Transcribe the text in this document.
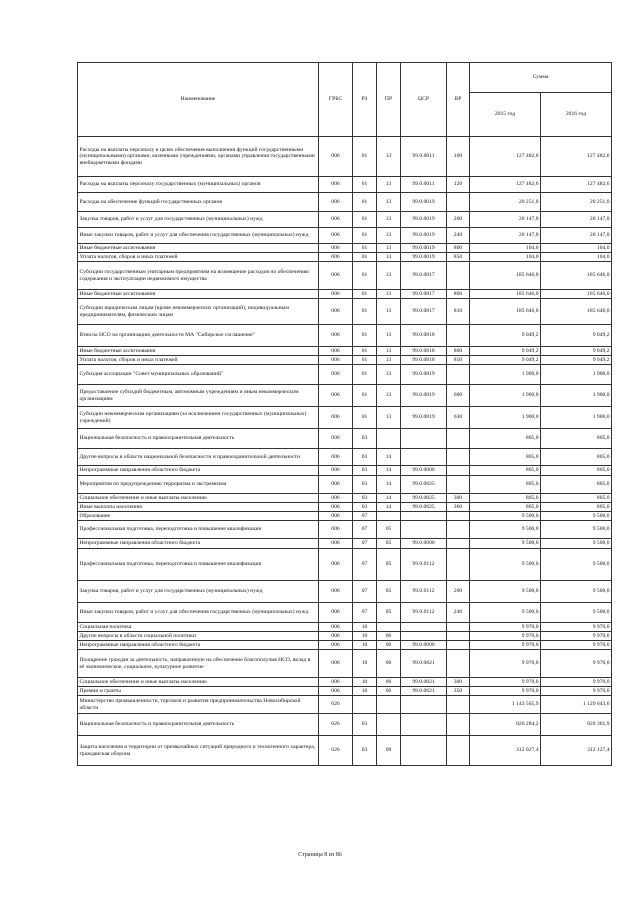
Наименование	ГРБС	РЗ	ПР	ЦСР	ВР	Сумма	
						2015 год	2016 год
Расходы на выплаты персоналу в целях обеспечения выполнения функций государственными (муниципальными) органами, казенными учреждениями, органами управления государственными внебюджетными фондами	006	01	13	99.0.0011	100	127 482,6	127 482,6
Расходы на выплаты персоналу государственных (муниципальных) органов	006	01	13	99.0.0011	120	127 482,6	127 482,6
Расходы на обеспечение функций государственных органов	006	01	13	99.0.0019		20 251,0	20 251,0
Закупка товаров, работ и услуг для государственных (муниципальных) нужд	006	01	13	99.0.0019	200	20 147,0	20 147,0
Иные закупки товаров, работ и услуг для обеспечения государственных (муниципальных) нужд	006	01	13	99.0.0019	240	20 147,0	20 147,0
Иные бюджетные ассигнования	006	01	13	99.0.0019	800	104,0	104,0
Уплата налогов, сборов и иных платежей	006	01	13	99.0.0019	850	104,0	104,0
Субсидии государственным унитарным предприятиям на возмещение расходов по обеспечению содержания и эксплуатации недвижимого имущества	006	01	13	99.0.0817		185 646,0	185 646,0
Иные бюджетные ассигнования	006	01	13	99.0.0817	800	185 646,0	185 646,0
Субсидии юридическим лицам (кроме некоммерческих организаций), индивидуальным предпринимателям, физическим лицам	006	01	13	99.0.0817	810	185 646,0	185 646,0
Взносы НСО на организацию деятельности МА "Сибирское соглашение"	006	01	13	99.0.0818		9 049,2	9 049,2
Иные бюджетные ассигнования	006	01	13	99.0.0818	800	9 049,2	9 049,2
Уплата налогов, сборов и иных платежей	006	01	13	99.0.0818	850	9 049,2	9 049,2
Субсидия ассоциации "Совет муниципальных образований"	006	01	13	99.0.0819		1 900,0	1 900,0
Предоставление субсидий бюджетным, автономным учреждениям и иным некоммерческим организациям	006	01	13	99.0.0819	600	1 900,0	1 900,0
Субсидии некоммерческим организациям (за исключением государственных (муниципальных) учреждений)	006	01	13	99.0.0819	630	1 900,0	1 900,0
Национальная безопасность и правоохранительная деятельность	006	03				805,0	805,0
Другие вопросы в области национальной безопасности и правоохранительной деятельности	006	03	14			805,0	805,0
Непрограммные направления областного бюджета	006	03	14	99.0.0000		805,0	805,0
Мероприятия по предупреждению терроризма и экстремизма	006	03	14	99.0.0825		805,0	805,0
Социальное обеспечение и иные выплаты населению	006	03	14	99.0.0825	300	805,0	805,0
Иные выплаты населению	006	03	14	99.0.0825	360	805,0	805,0
Образование	006	07				9 500,0	9 500,0
Профессиональная подготовка, переподготовка и повышение квалификации	006	07	05			9 500,0	9 500,0
Непрограммные направления областного бюджета	006	07	05	99.0.0000		9 500,0	9 500,0
Профессиональная подготовка, переподготовка и повышение квалификации	006	07	05	99.0.0112		9 500,0	9 500,0
Закупка товаров, работ и услуг для государственных (муниципальных) нужд	006	07	05	99.0.0112	200	9 500,0	9 500,0
Иные закупки товаров, работ и услуг для обеспечения государственных (муниципальных) нужд	006	07	05	99.0.0112	240	9 500,0	9 500,0
Социальная политика	006	10				9 970,0	9 970,0
Другие вопросы в области социальной политики	006	10	06			9 970,0	9 970,0
Непрограммные направления областного бюджета	006	10	06	99.0.0000		9 970,0	9 970,0
Поощрение граждан за деятельность, направленную на обеспечение благополучия НСО, вклад в её экономическое, социальное, культурное развитие	006	10	06	99.0.0821		9 970,0	9 970,0
Социальное обеспечение и иные выплаты населению	006	10	06	99.0.0821	300	9 970,0	9 970,0
Премии и гранты	006	10	06	99.0.0821	350	9 970,0	9 970,0
Министерство промышленности, торговли и развития предпринимательства Новосибирской области	026					1 143 565,9	1 129 643,6
Национальная безопасность и правоохранительная деятельность	026	03				826 284,2	820 361,9
Защита населения и территории от чрезвычайных ситуаций природного и техногенного характера, гражданская оборона	026	03	09			312 027,4	312 127,4
Страница 8 из 86
